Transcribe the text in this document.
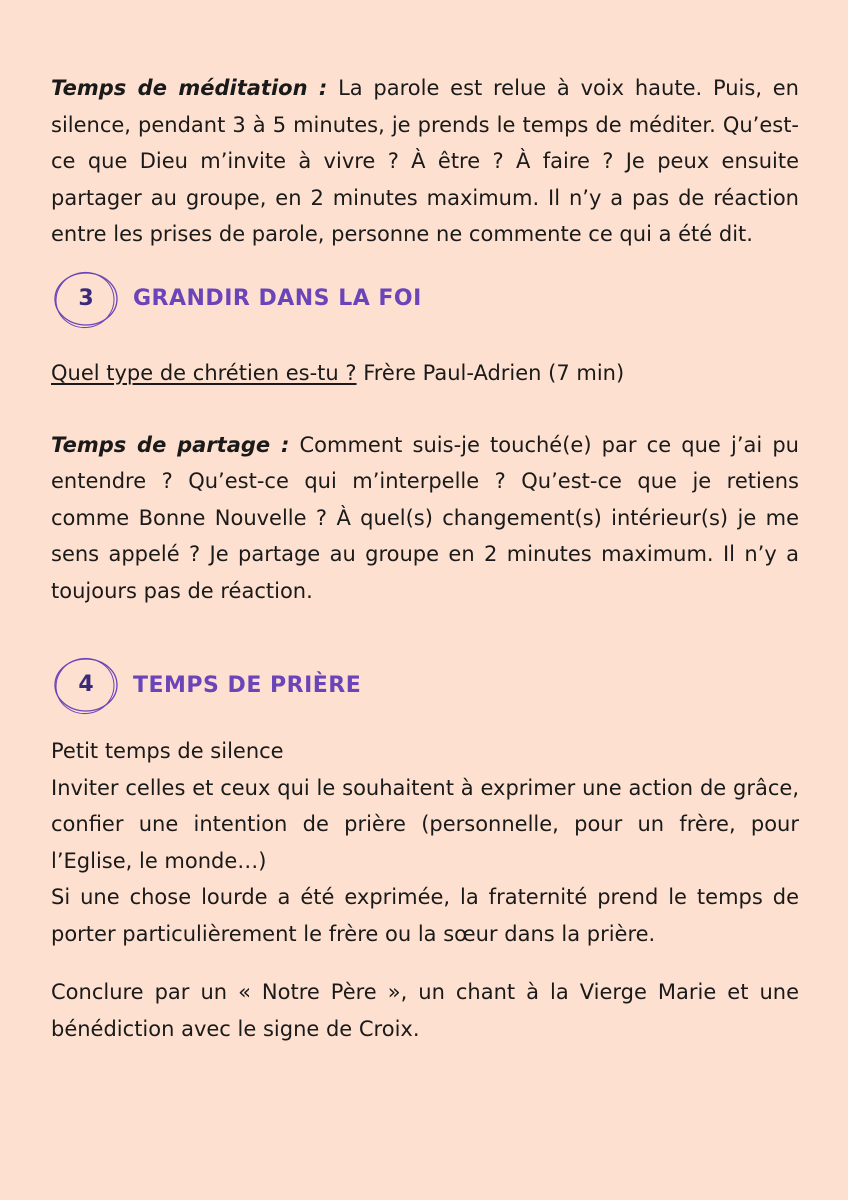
Temps de méditation : La parole est relue à voix haute. Puis, en silence, pendant 3 à 5 minutes, je prends le temps de méditer. Qu’est-ce que Dieu m’invite à vivre ? À être ? À faire ? Je peux ensuite partager au groupe, en 2 minutes maximum. Il n’y a pas de réaction entre les prises de parole, personne ne commente ce qui a été dit.

3	GRANDIR DANS LA FOI

Quel type de chrétien es-tu ? Frère Paul-Adrien (7 min)

Temps de partage : Comment suis-je touché(e) par ce que j’ai pu entendre ? Qu’est-ce qui m’interpelle ? Qu’est-ce que je retiens comme Bonne Nouvelle ? À quel(s) changement(s) intérieur(s) je me sens appelé ? Je partage au groupe en 2 minutes maximum. Il n’y a toujours pas de réaction.

4	TEMPS DE PRIÈRE

Petit temps de silence

Inviter celles et ceux qui le souhaitent à exprimer une action de grâce, confier une intention de prière (personnelle, pour un frère, pour l’Eglise, le monde…)

Si une chose lourde a été exprimée, la fraternité prend le temps de porter particulièrement le frère ou la sœur dans la prière.

Conclure par un « Notre Père », un chant à la Vierge Marie et une bénédiction avec le signe de Croix.
